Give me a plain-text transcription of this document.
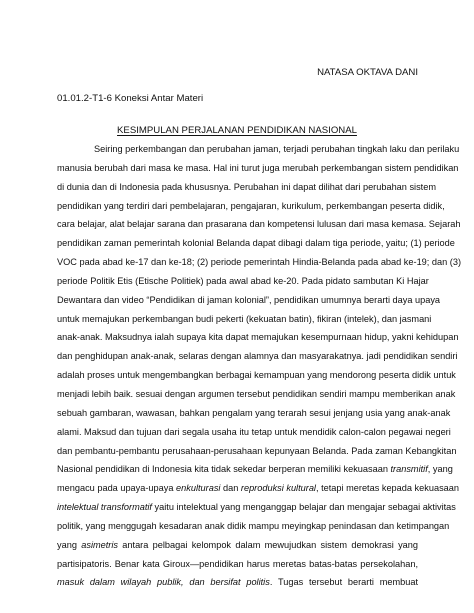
NATASA OKTAVA DANI
01.01.2-T1-6 Koneksi Antar Materi
KESIMPULAN PERJALANAN PENDIDIKAN NASIONAL
Seiring perkembangan dan perubahan jaman, terjadi perubahan tingkah laku dan perilaku
manusia berubah dari masa ke masa. Hal ini turut juga merubah perkembangan sistem pendidikan
di dunia dan di Indonesia pada khususnya. Perubahan ini dapat dilihat dari perubahan sistem
pendidikan yang terdiri dari pembelajaran, pengajaran, kurikulum, perkembangan peserta didik,
cara belajar, alat belajar sarana dan prasarana dan kompetensi lulusan dari masa kemasa. Sejarah
pendidikan zaman pemerintah kolonial Belanda dapat dibagi dalam tiga periode, yaitu; (1) periode
VOC pada abad ke-17 dan ke-18; (2) periode pemerintah Hindia-Belanda pada abad ke-19; dan (3)
periode Politik Etis (Etische Politiek) pada awal abad ke-20. Pada pidato sambutan Ki Hajar
Dewantara dan video “Pendidikan di jaman kolonial”, pendidikan umumnya berarti daya upaya
untuk memajukan perkembangan budi pekerti (kekuatan batin), fikiran (intelek), dan jasmani
anak-anak. Maksudnya ialah supaya kita dapat memajukan kesempurnaan hidup, yakni kehidupan
dan penghidupan anak-anak, selaras dengan alamnya dan masyarakatnya. jadi pendidikan sendiri
adalah proses untuk mengembangkan berbagai kemampuan yang mendorong peserta didik untuk
menjadi lebih baik. sesuai dengan argumen tersebut pendidikan sendiri mampu memberikan anak
sebuah gambaran, wawasan, bahkan pengalam yang terarah sesui jenjang usia yang anak-anak
alami. Maksud dan tujuan dari segala usaha itu tetap untuk mendidik calon-calon pegawai negeri
dan pembantu-pembantu perusahaan-perusahaan kepunyaan Belanda. Pada zaman Kebangkitan
Nasional pendidikan di Indonesia kita tidak sekedar berperan memiliki kekuasaan transmitif, yang
mengacu pada upaya-upaya enkulturasi dan reproduksi kultural, tetapi meretas kepada kekuasaan
intelektual transformatif yaitu intelektual yang menganggap belajar dan mengajar sebagai aktivitas
politik, yang menggugah kesadaran anak didik mampu meyingkap penindasan dan ketimpangan
yang asimetris antara pelbagai kelompok dalam mewujudkan sistem demokrasi yang
partisipatoris. Benar kata Giroux—pendidikan harus meretas batas-batas persekolahan,
masuk dalam wilayah publik, dan bersifat politis. Tugas tersebut berarti membuat
